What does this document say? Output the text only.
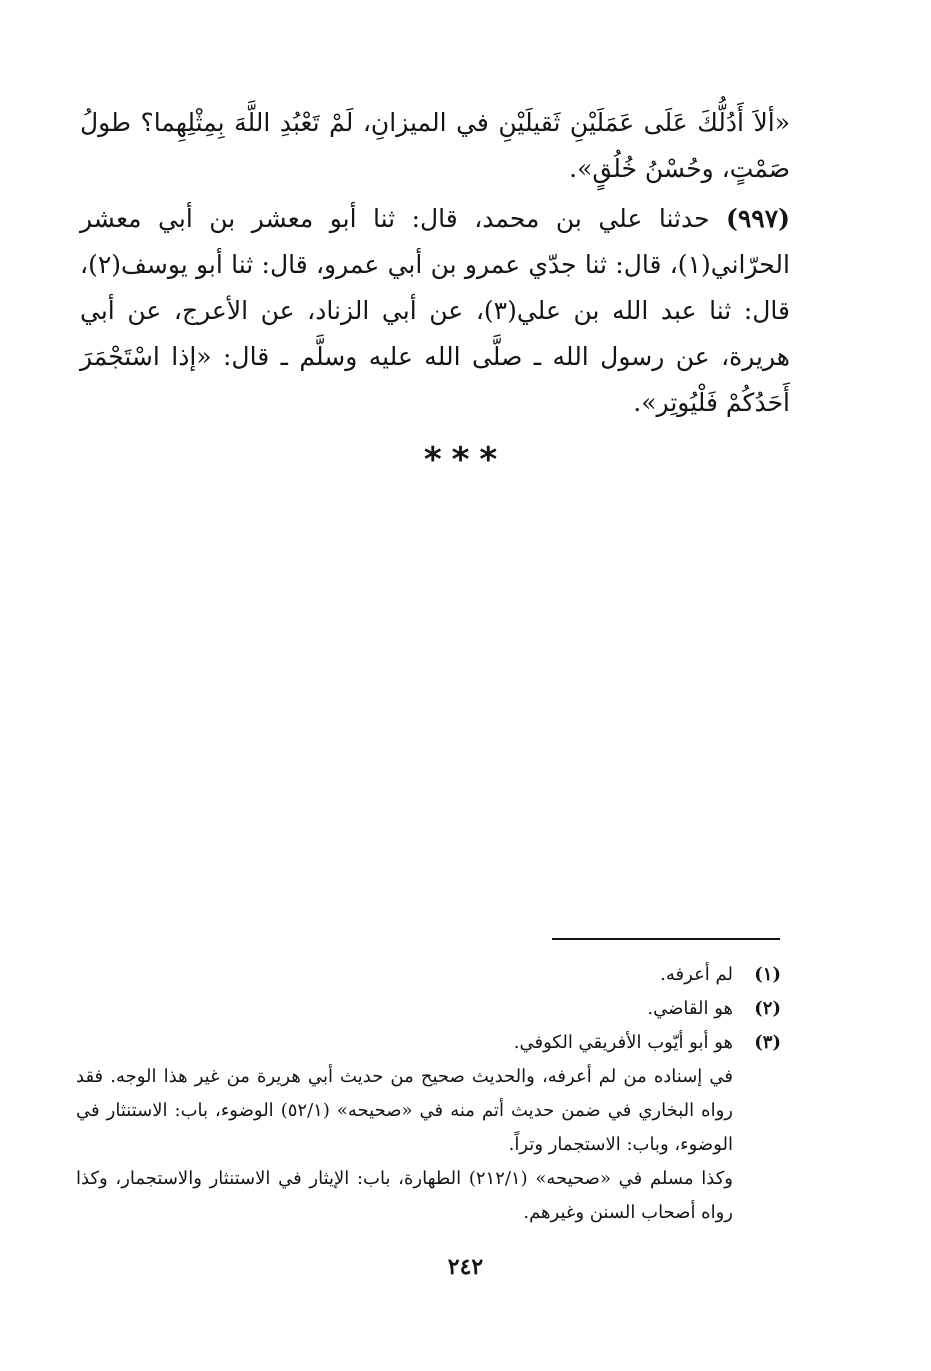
«ألاَ أَدُلُّكَ عَلَى عَمَلَيْنِ ثَقيلَيْنِ في الميزانِ، لَمْ تَعْبُدِ اللَّهَ بِمِثْلِهِما؟ طولُ صَمْتٍ، وحُسْنُ خُلُقٍ».

(٩٩٧) حدثنا علي بن محمد، قال: ثنا أبو معشر بن أبي معشر الحرّاني(١)، قال: ثنا جدّي عمرو بن أبي عمرو، قال: ثنا أبو يوسف(٢)، قال: ثنا عبد الله بن علي(٣)، عن أبي الزناد، عن الأعرج، عن أبي هريرة، عن رسول الله ـ صلَّى الله عليه وسلَّم ـ قال: «إذا اسْتَجْمَرَ أَحَدُكُمْ فَلْيُوتِر».

***
(١)

لم أعرفه.

(٢)

هو القاضي.

(٣)

هو أبو أيّوب الأفريقي الكوفي.

في إسناده من لم أعرفه، والحديث صحيح من حديث أبي هريرة من غير هذا الوجه. فقد رواه البخاري في ضمن حديث أتم منه في «صحيحه» (٥٢/١) الوضوء، باب: الاستنثار في الوضوء، وباب: الاستجمار وتراً.

وكذا مسلم في «صحيحه» (٢١٢/١) الطهارة، باب: الإيثار في الاستنثار والاستجمار، وكذا رواه أصحاب السنن وغيرهم.

٢٤٢
